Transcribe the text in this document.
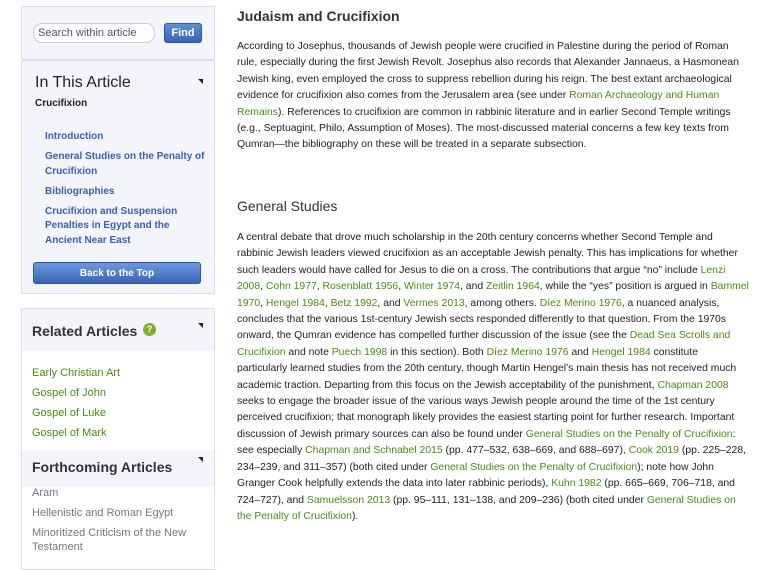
Search within article
Find
In This Article
Crucifixion
Introduction
General Studies on the Penalty of Crucifixion
Bibliographies
Crucifixion and Suspension Penalties in Egypt and the Ancient Near East
Back to the Top
Related Articles	?
Early Christian Art
Gospel of John
Gospel of Luke
Gospel of Mark
Forthcoming Articles
Aram
Hellenistic and Roman Egypt
Minoritized Criticism of the New Testament
Judaism and Crucifixion

According to Josephus, thousands of Jewish people were crucified in Palestine during the period of Roman rule, especially during the first Jewish Revolt. Josephus also records that Alexander Jannaeus, a Hasmonean Jewish king, even employed the cross to suppress rebellion during his reign. The best extant archaeological evidence for crucifixion also comes from the Jerusalem area (see under Roman Archaeology and Human Remains). References to crucifixion are common in rabbinic literature and in earlier Second Temple writings (e.g., Septuagint, Philo, Assumption of Moses). The most-discussed material concerns a few key texts from Qumran—the bibliography on these will be treated in a separate subsection.

General Studies

A central debate that drove much scholarship in the 20th century concerns whether Second Temple and rabbinic Jewish leaders viewed crucifixion as an acceptable Jewish penalty. This has implications for whether such leaders would have called for Jesus to die on a cross. The contributions that argue “no” include Lenzi 2008, Cohn 1977, Rosenblatt 1956, Winter 1974, and Zeitlin 1964, while the “yes” position is argued in Bammel 1970, Hengel 1984, Betz 1992, and Vermes 2013, among others. Díez Merino 1976, a nuanced analysis, concludes that the various 1st-century Jewish sects responded differently to that question. From the 1970s onward, the Qumran evidence has compelled further discussion of the issue (see the Dead Sea Scrolls and Crucifixion and note Puech 1998 in this section). Both Díez Merino 1976 and Hengel 1984 constitute particularly learned studies from the 20th century, though Martin Hengel’s main thesis has not received much academic traction. Departing from this focus on the Jewish acceptability of the punishment, Chapman 2008 seeks to engage the broader issue of the various ways Jewish people around the time of the 1st century perceived crucifixion; that monograph likely provides the easiest starting point for further research. Important discussion of Jewish primary sources can also be found under General Studies on the Penalty of Crucifixion: see especially Chapman and Schnabel 2015 (pp. 477–532, 638–669, and 688–697), Cook 2019 (pp. 225–228, 234–239, and 311–357) (both cited under General Studies on the Penalty of Crucifixion); note how John Granger Cook helpfully extends the data into later rabbinic periods), Kuhn 1982 (pp. 665–669, 706–718, and 724–727), and Samuelsson 2013 (pp. 95–111, 131–138, and 209–236) (both cited under General Studies on the Penalty of Crucifixion).
